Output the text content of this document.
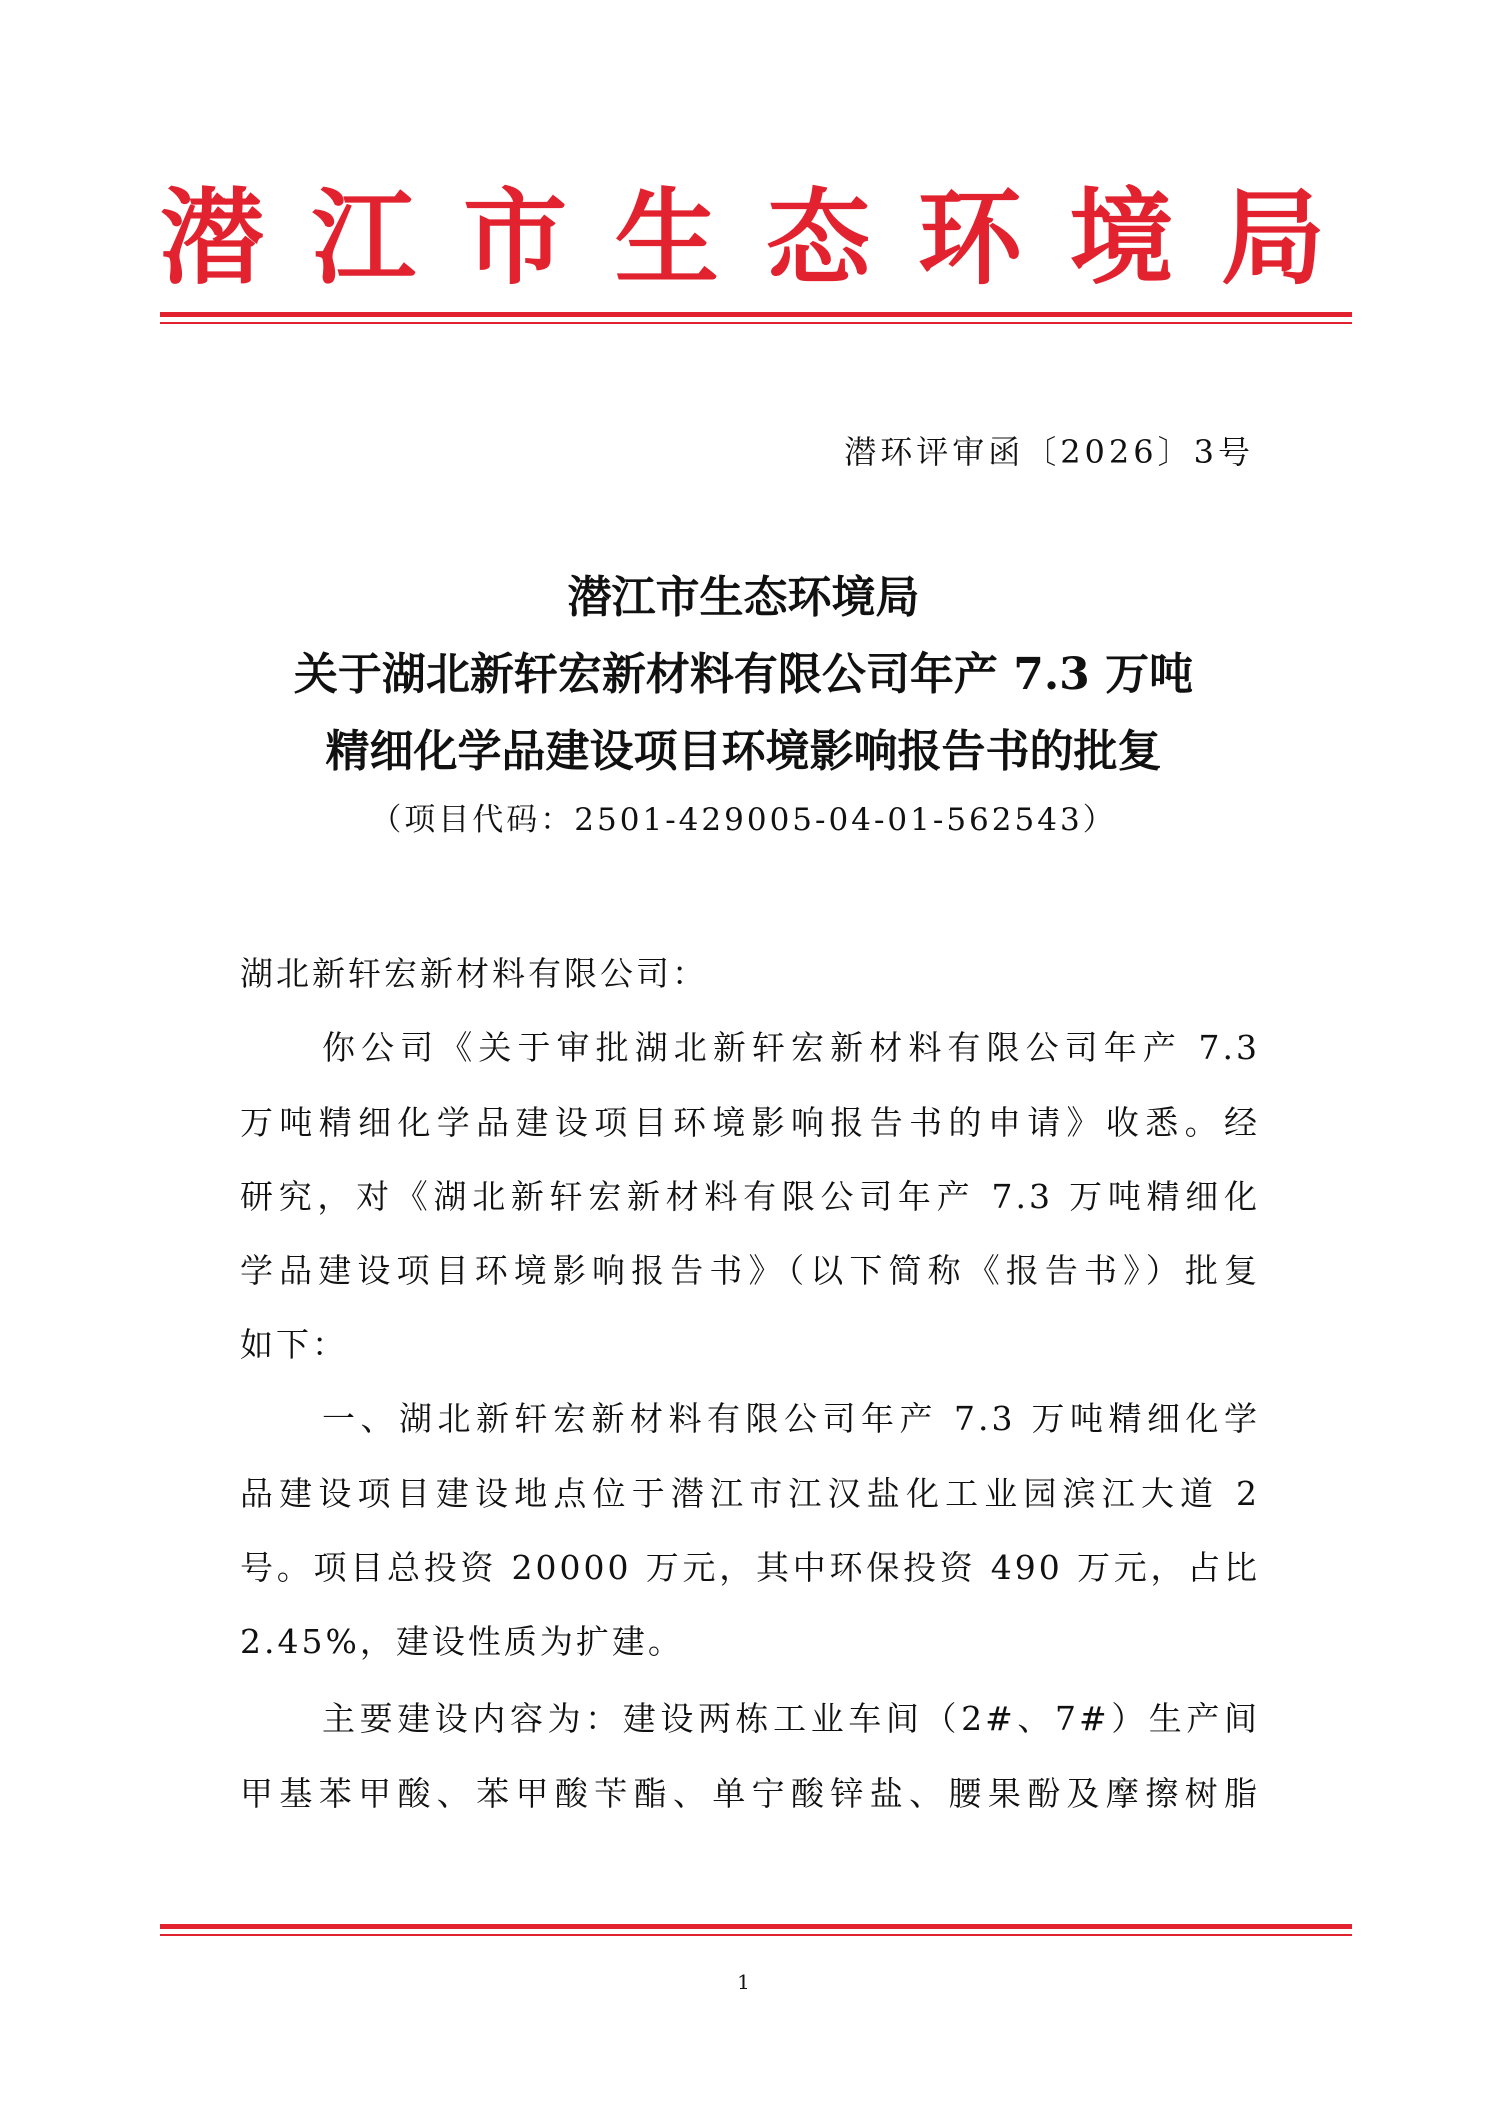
潜 江 市 生 态 环 境 局
潜环评审函〔2026〕3号
潜江市生态环境局
关于湖北新轩宏新材料有限公司年产 7.3 万吨
精细化学品建设项目环境影响报告书的批复
（项目代码：2501-429005-04-01-562543）
湖北新轩宏新材料有限公司：
你公司《关于审批湖北新轩宏新材料有限公司年产 7.3
万吨精细化学品建设项目环境影响报告书的申请》收悉。经
研究，对《湖北新轩宏新材料有限公司年产 7.3 万吨精细化
学品建设项目环境影响报告书》（以下简称《报告书》）批复
如下：
一、湖北新轩宏新材料有限公司年产 7.3 万吨精细化学
品建设项目建设地点位于潜江市江汉盐化工业园滨江大道 2
号。项目总投资 20000 万元，其中环保投资 490 万元，占比
2.45%，建设性质为扩建。
主要建设内容为：建设两栋工业车间（2#、7#）生产间
甲基苯甲酸、苯甲酸苄酯、单宁酸锌盐、腰果酚及摩擦树脂
1
